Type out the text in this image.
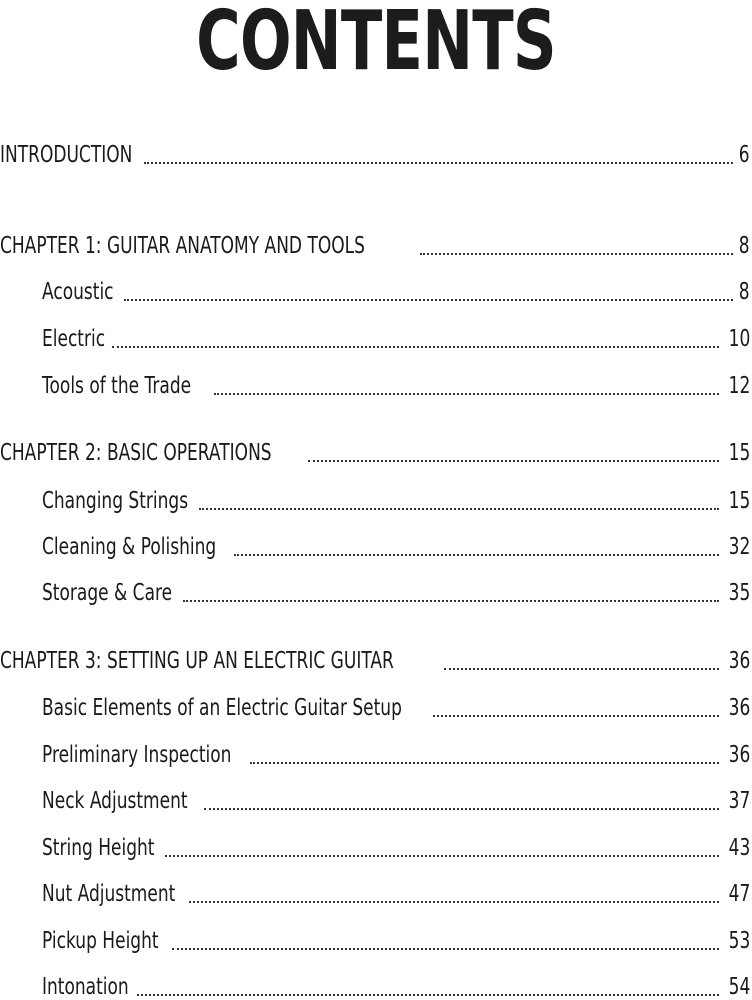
CONTENTS
INTRODUCTION	6
CHAPTER 1: GUITAR ANATOMY AND TOOLS	8
Acoustic	8
Electric	10
Tools of the Trade	12
CHAPTER 2: BASIC OPERATIONS	15
Changing Strings	15
Cleaning & Polishing	32
Storage & Care	35
CHAPTER 3: SETTING UP AN ELECTRIC GUITAR	36
Basic Elements of an Electric Guitar Setup	36
Preliminary Inspection	36
Neck Adjustment	37
String Height	43
Nut Adjustment	47
Pickup Height	53
Intonation	54
